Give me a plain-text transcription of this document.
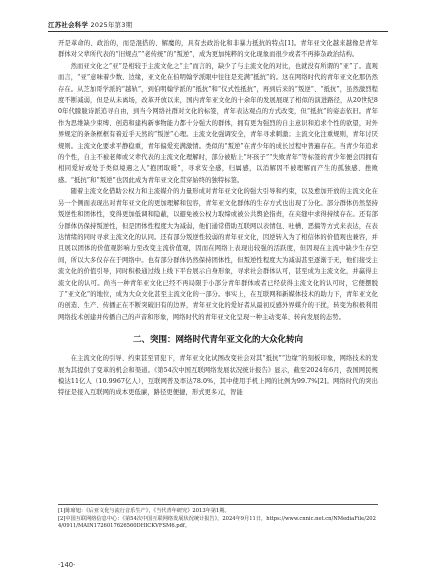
江苏社会科学 2025年第3期

开是革命的、政治的，而是混搭的、解魔的，具有去政治化和非暴力抵抗的特点[1]。青年亚文化越来越像是青年群体对父辈所代表的“旧规点”“老传统”的“叛逆”，成为更加纯粹的文化现象而很少或者不再捧杂政治结构。

然而亚文化之“亚”是相较于主流文化之“主”而言的，缺少了与主流文化的对比，也就没有所谓的“亚”了。直观而言，“亚”意味着少数、边缘，亚文化在伯明翰学派眼中往往是充满“抵抗”的。这在网络时代的青年亚文化那仍然存在。从芝加哥学派的“越轨”，到伯明翰学派的“抵抗”和“仪式性抵抗”，再到后来的“叛逆”、“抵抗”，虽然激烈程度不断减弱，但是从未离场，改革开放以来，国内青年亚文化的十余年的发展展现了相似的演进路径，从20世纪80年代朦胧诗派追寻自由，到当今网络社群对文化的标签，青年表达观点的方式改变，但“抵抗”的姿态依旧。青年作为思维缺少束缚、创造和建构新事物能力都十分强大的群体，拥有更为强烈的自主意识和追求个性的欲望，对外界规定的条条框框有着近乎天然的“叛逆”心理。主流文化强调安全，青年寻求刺激；主流文化注重规则，青年讨厌规则。主流文化要求平静稳重，青年偏爱充满激情。类似的“叛逆”在青少年的成长过程中普遍存在。当青少年追求的个性，自主不被老师或父辈代表的主流文化理解时，部分被贴上“坏孩子”“失败青年”等标签的青少年便会因拥有相同爱好或处于类似境遇之人“抱团取暖”，寻求安全感，归属感，以消解因不被理解而产生的孤独感、挫败感。“抵抗”和“叛逆”也因此成为青年亚文化贯穿始终的独特标签。

随着主流文化借助公权力和主流媒介的力量形成对青年亚文化的强大引导和约束，以及愈加开放的主流文化在另一个侧面表现出对青年亚文化的更加理解和包容，青年亚文化群体的生存方式也出现了分化。部分群体仍然坚持叛逆性和团体性，变得更加低调和隐蔽，以避免被公权力取缔或被公共舆论指责，在夹缝中求得持续存在。还有部分群体仍保持叛逆性，但是团体性程度大为减弱，他们通常借助互联网以表情包、吐槽、恶搞等方式来表达，在表达情绪的同时寻求主流文化的认同。还有部分叛逆性较弱的青年亚文化，因逆转入为了相信体的价值观也兼容，并且展以团体的价值观影响力至改变主流价值观，因而在网络上表现出较强的活跃度，但因现在主流中缺少生存空间，所以大多仅存在于网络中。也有部分群体仍然保持团体性，但叛逆性程度大为减弱甚至逐渐于无，他们接受主流文化的价值引导，同时积极通过线上线下平台展示自身形象，寻求社会群体认可，甚至成为主流文化，并赢得主流文化的认可。尚当一种青年亚文化已经不再局限于小部分青年群体或者已经获得主流文化的认可时，它便摆脱了“亚文化”的地位，成为大众文化甚至主流文化的一部分。事实上，在互联网和新媒体技术的助力下，青年亚文化的创造、生产、传播正在不断突破旧有的边界，青年亚文化的爱好者从最初反感外界媒介的干扰，转变为积极利用网络技术创建并传播自己的声音和形象，网络时代的青年亚文化呈现一种主动变革、转向发展的态势。

二、突围：网络时代青年亚文化的大众化转向

在主流文化的引导、约束甚至冒犯下，青年亚文化试图改变社会对其“抵抗”“边缘”的刻板印象，网络技术的发展为其提供了变革的机会和渠道。《第54次中国互联网络发展状况统计报告》显示，截至2024年6月，我国网民规模达11亿人（10.9967亿人），互联网普及率达78.0%，其中使用手机上网的比例为99.7%[2]。网络时代的突出特征是接入互联网的成本更低廉，路径更便捷，形式更多元，智能

[1]陈席旭：《后亚文化与流行音乐生产》，《当代青年研究》2013年第1期。

[2]中国互联网络信息中心：《第54次中国互联网络发展状况统计报告》，2024年9月11日，https://www.cnnic.net.cn/NMediaFile/2024/0911/MAIN1726017626560DHICKVFSM6.pdf。

·140·
